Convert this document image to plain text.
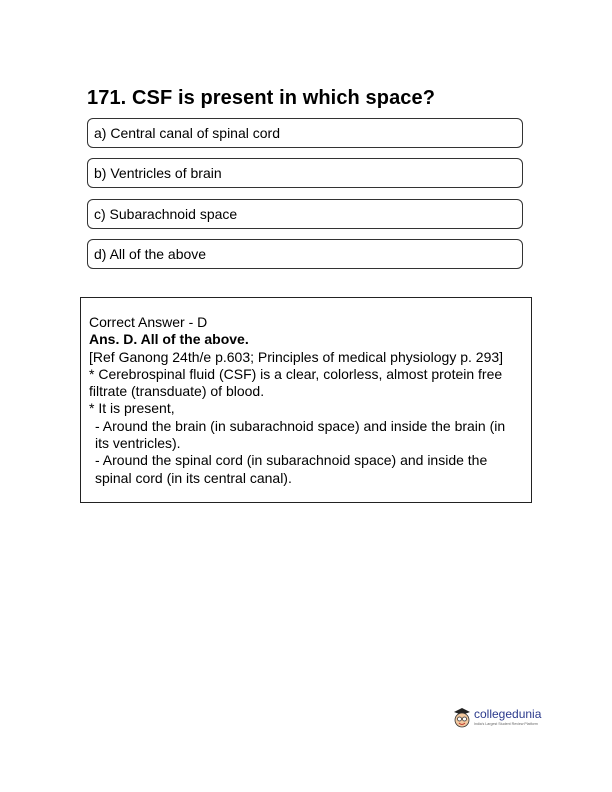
171. CSF is present in which space?
a) Central canal of spinal cord
b) Ventricles of brain
c) Subarachnoid space
d) All of the above
Correct Answer - D
Ans. D. All of the above.
[Ref Ganong 24th/e p.603; Principles of medical physiology p. 293]
* Cerebrospinal fluid (CSF) is a clear, colorless, almost protein free filtrate (transduate) of blood.
* It is present,
- Around the brain (in subarachnoid space) and inside the brain (in its ventricles).
- Around the spinal cord (in subarachnoid space) and inside the spinal cord (in its central canal).
collegedunia
India's Largest Student Review Platform
